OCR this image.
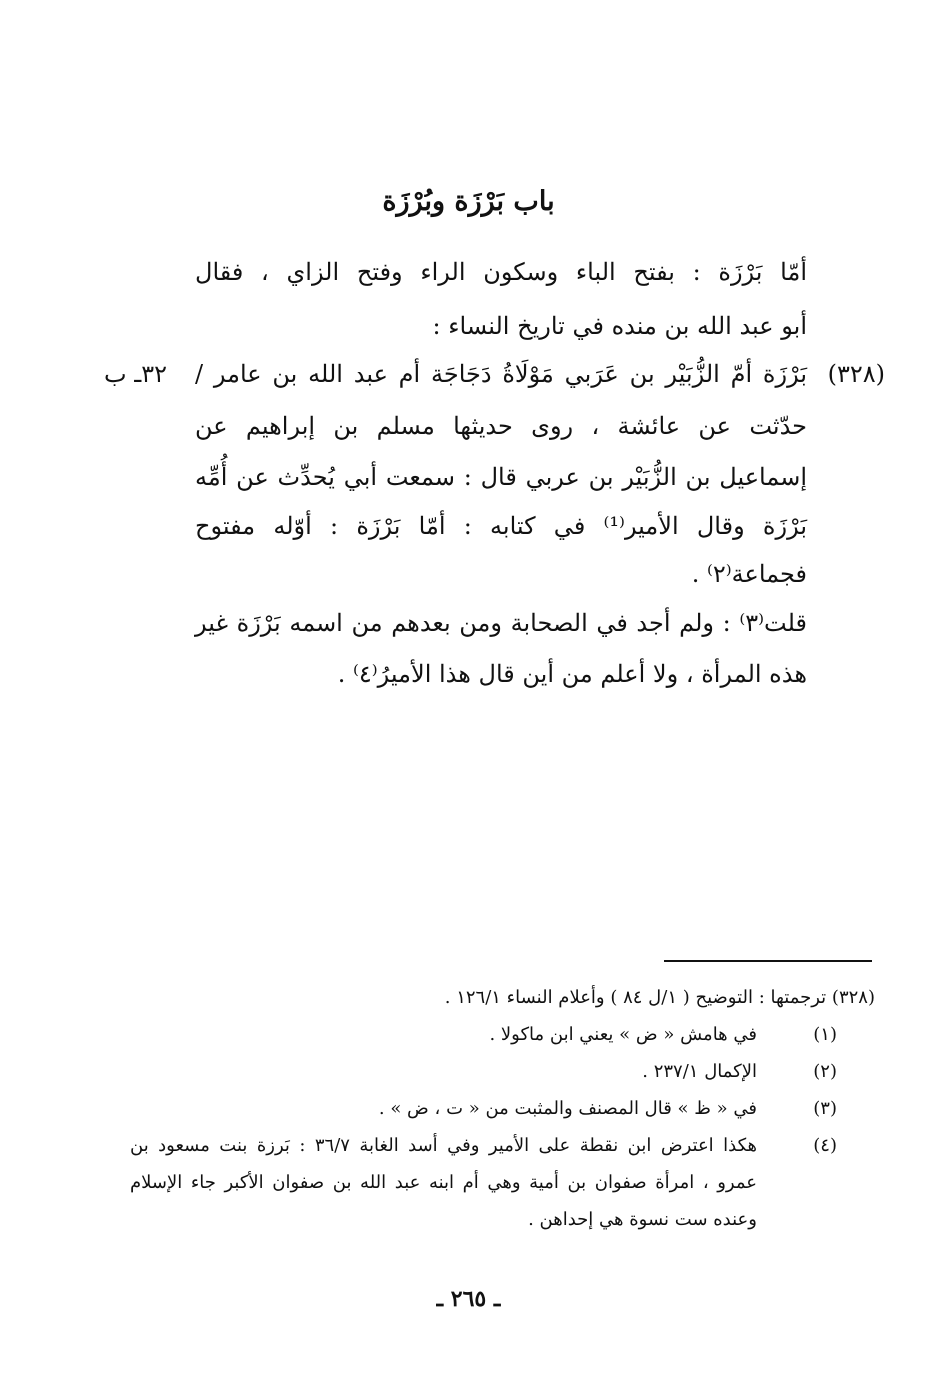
باب بَرْزَة وبُرْزَة
أمّا بَرْزَة : بفتح الباء وسكون الراء وفتح الزاي ، فقال
أبو عبد الله بن منده في تاريخ النساء :
(٣٢٨)
٣٢ـ ب بَرْزَة أمّ الزُّبَيْر بن عَرَبي مَوْلَاةُ دَجَاجَة أم عبد الله بن عامر /
حدّثت عن عائشة ، روى حديثها مسلم بن إبراهيم عن
إسماعيل بن الزُّبَيْر بن عربي قال : سمعت أبي يُحدِّث عن أُمِّه
بَرْزَة وقال الأمير⁽¹⁾ في كتابه : أمّا بَرْزَة : أوّله مفتوح
فجماعة⁽٢⁾ .
قلت⁽٣⁾ : ولم أجد في الصحابة ومن بعدهم من اسمه بَرْزَة غير
هذه المرأة ، ولا أعلم من أين قال هذا الأميرُ⁽٤⁾ .
(٣٢٨) ترجمتها : التوضيح ( ١/ل ٨٤ ) وأعلام النساء ١٢٦/١ .
(١)
في هامش « ض » يعني ابن ماكولا .
(٢)
الإكمال ٢٣٧/١ .
(٣)
في « ظ » قال المصنف والمثبت من « ت ، ض » .
(٤)
هكذا اعترض ابن نقطة على الأمير وفي أسد الغابة ٣٦/٧ : بَرزة بنت مسعود بن
عمرو ، امرأة صفوان بن أمية وهي أم ابنه عبد الله بن صفوان الأكبر جاء الإسلام
وعنده ست نسوة هي إحداهن .
ـ ٢٦٥ ـ
